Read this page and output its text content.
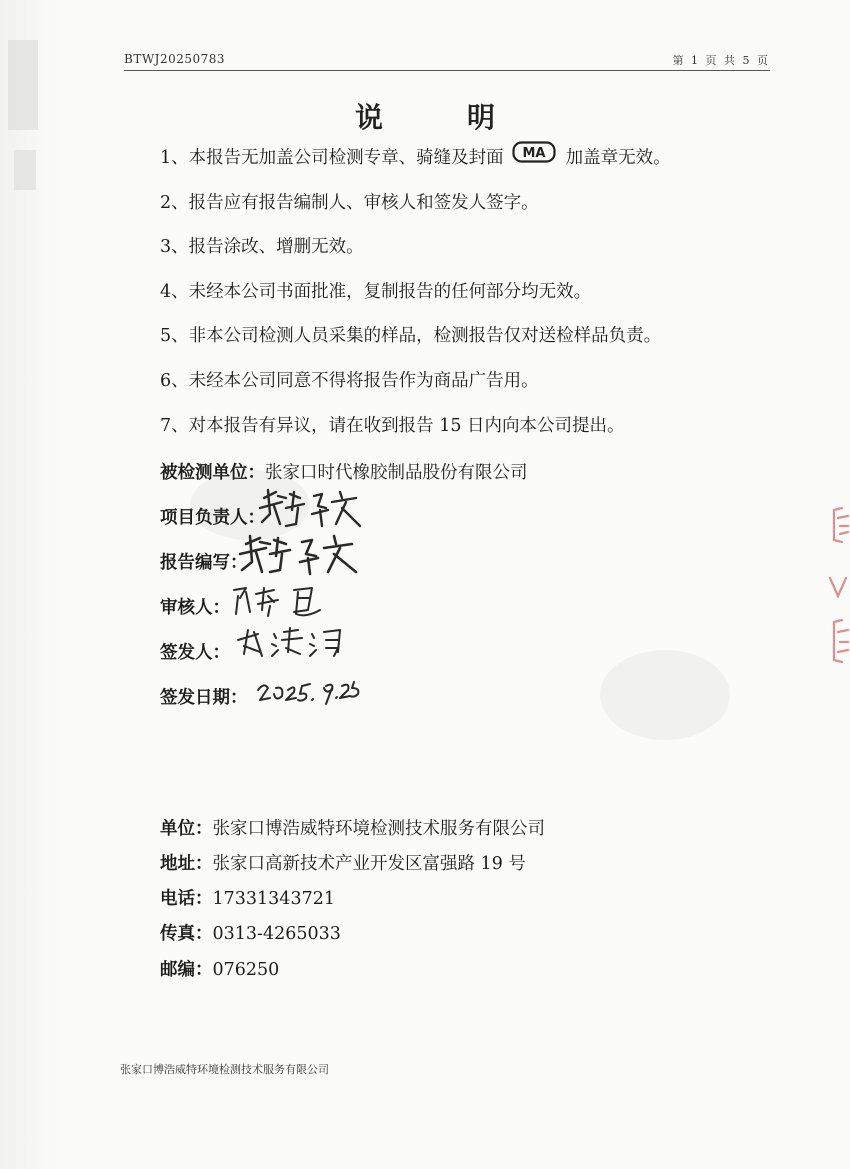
BTWJ20250783	第 1 页 共 5 页
说明
1、本报告无加盖公司检测专章、骑缝及封面 MA 加盖章无效。
2、报告应有报告编制人、审核人和签发人签字。
3、报告涂改、增删无效。
4、未经本公司书面批准，复制报告的任何部分均无效。
5、非本公司检测人员采集的样品，检测报告仅对送检样品负责。
6、未经本公司同意不得将报告作为商品广告用。
7、对本报告有异议，请在收到报告 15 日内向本公司提出。
被检测单位：张家口时代橡胶制品股份有限公司
项目负责人：
报告编写：
审核人：
签发人：
签发日期：
单位：张家口博浩威特环境检测技术服务有限公司
地址：张家口高新技术产业开发区富强路 19 号
电话：17331343721
传真：0313-4265033
邮编：076250
张家口博浩威特环境检测技术服务有限公司
